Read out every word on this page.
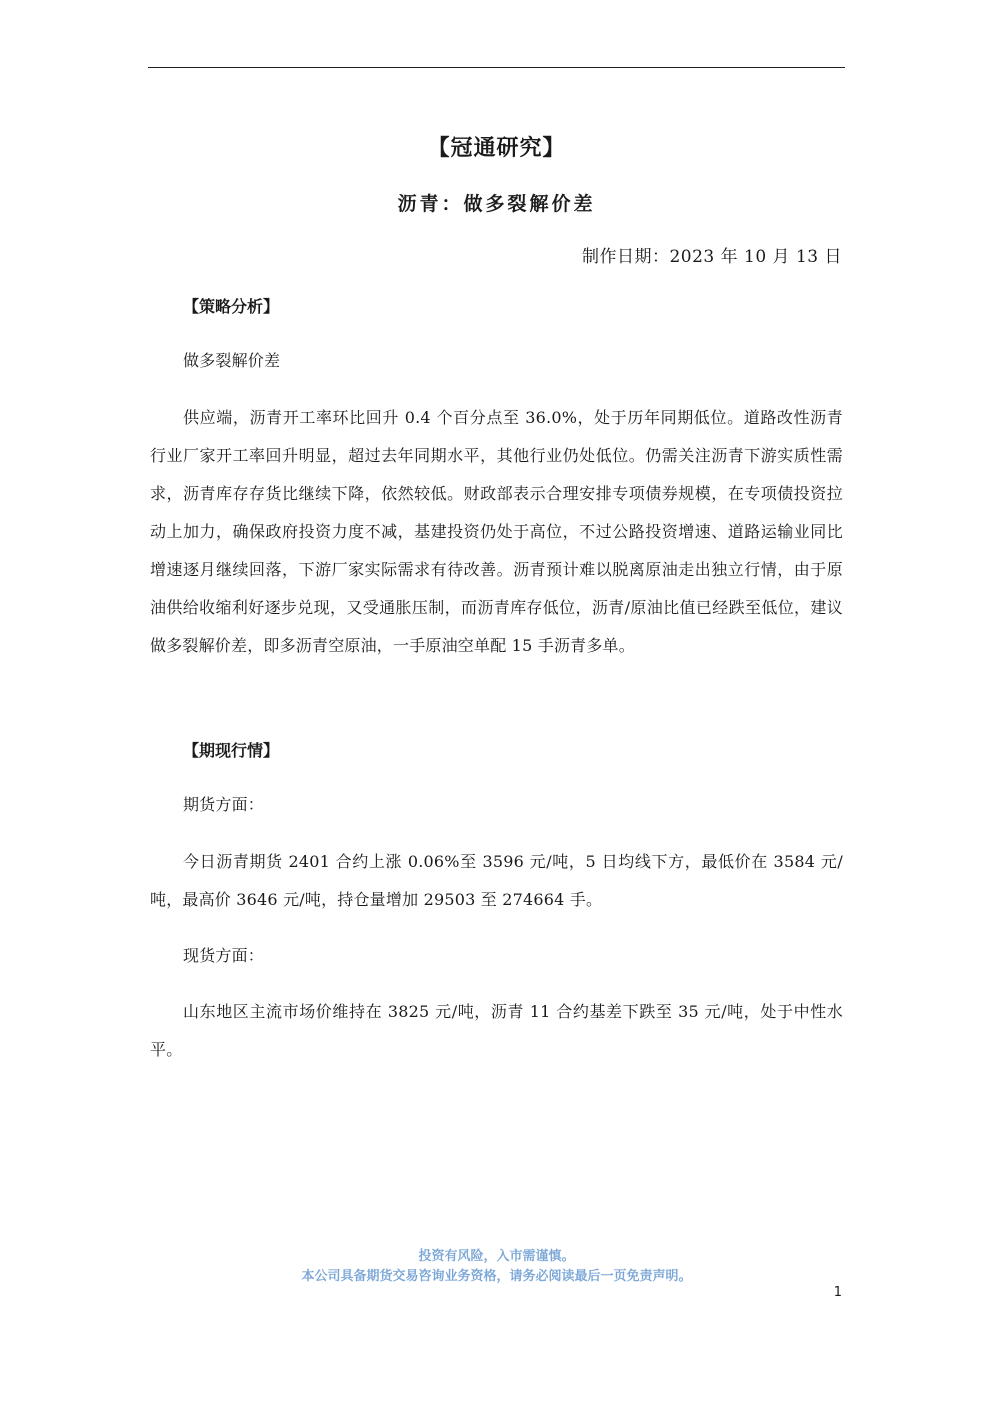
【冠通研究】
沥青：做多裂解价差
制作日期：2023 年 10 月 13 日
【策略分析】

做多裂解价差

供应端，沥青开工率环比回升 0.4 个百分点至 36.0%，处于历年同期低位。道路改性沥青行业厂家开工率回升明显，超过去年同期水平，其他行业仍处低位。仍需关注沥青下游实质性需求，沥青库存存货比继续下降，依然较低。财政部表示合理安排专项债券规模，在专项债投资拉动上加力，确保政府投资力度不减，基建投资仍处于高位，不过公路投资增速、道路运输业同比增速逐月继续回落，下游厂家实际需求有待改善。沥青预计难以脱离原油走出独立行情，由于原油供给收缩利好逐步兑现，又受通胀压制，而沥青库存低位，沥青/原油比值已经跌至低位，建议做多裂解价差，即多沥青空原油，一手原油空单配 15 手沥青多单。

【期现行情】

期货方面：

今日沥青期货 2401 合约上涨 0.06%至 3596 元/吨，5 日均线下方，最低价在 3584 元/吨，最高价 3646 元/吨，持仓量增加 29503 至 274664 手。

现货方面：

山东地区主流市场价维持在 3825 元/吨，沥青 11 合约基差下跌至 35 元/吨，处于中性水平。

投资有风险，入市需谨慎。
本公司具备期货交易咨询业务资格，请务必阅读最后一页免责声明。
1
